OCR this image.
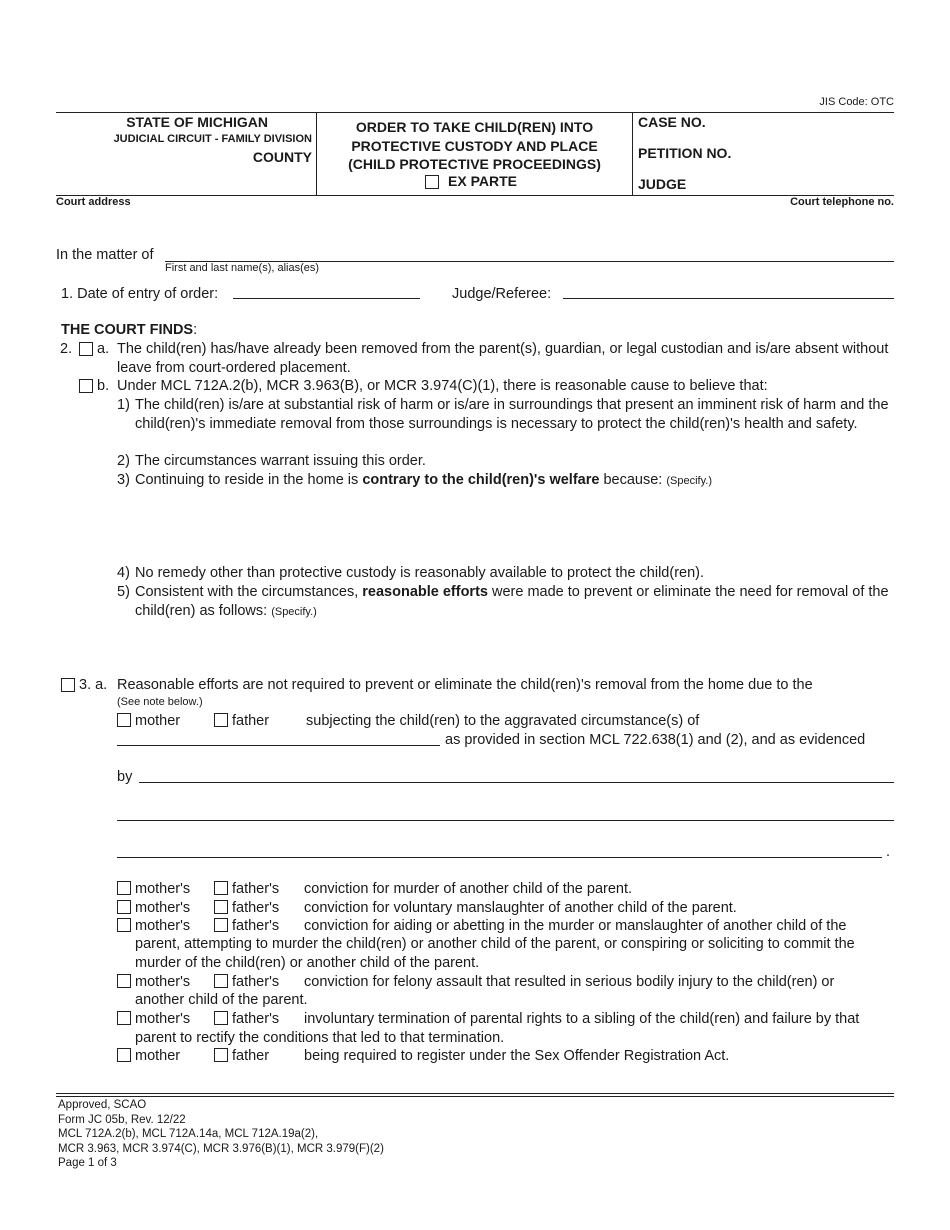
JIS Code: OTC
STATE OF MICHIGAN
JUDICIAL CIRCUIT - FAMILY DIVISION
COUNTY
ORDER TO TAKE CHILD(REN) INTO
PROTECTIVE CUSTODY AND PLACE
(CHILD PROTECTIVE PROCEEDINGS)
EX PARTE
CASE NO.
PETITION NO.
JUDGE
Court address	Court telephone no.
In the matter of
First and last name(s), alias(es)
1. Date of entry of order:	Judge/Referee:
THE COURT FINDS:
2. a. The child(ren) has/have already been removed from the parent(s), guardian, or legal custodian and is/are absent without leave from court-ordered placement.
b. Under MCL 712A.2(b), MCR 3.963(B), or MCR 3.974(C)(1), there is reasonable cause to believe that:
1) The child(ren) is/are at substantial risk of harm or is/are in surroundings that present an imminent risk of harm and the child(ren)'s immediate removal from those surroundings is necessary to protect the child(ren)'s health and safety.
2) The circumstances warrant issuing this order.
3) Continuing to reside in the home is contrary to the child(ren)'s welfare because: (Specify.)
4) No remedy other than protective custody is reasonably available to protect the child(ren).
5) Consistent with the circumstances, reasonable efforts were made to prevent or eliminate the need for removal of the child(ren) as follows: (Specify.)
3. a. Reasonable efforts are not required to prevent or eliminate the child(ren)'s removal from the home due to the
(See note below.)
mother	father	subjecting the child(ren) to the aggravated circumstance(s) of
as provided in section MCL 722.638(1) and (2), and as evidenced
by
.
mother's	father's conviction for murder of another child of the parent.
mother's	father's conviction for voluntary manslaughter of another child of the parent.
mother's	father's conviction for aiding or abetting in the murder or manslaughter of another child of the
parent, attempting to murder the child(ren) or another child of the parent, or conspiring or soliciting to commit the murder of the child(ren) or another child of the parent.
mother's	father's conviction for felony assault that resulted in serious bodily injury to the child(ren) or
another child of the parent.
mother's	father's involuntary termination of parental rights to a sibling of the child(ren) and failure by that
parent to rectify the conditions that led to that termination.
mother	father being required to register under the Sex Offender Registration Act.
Approved, SCAO
Form JC 05b, Rev. 12/22
MCL 712A.2(b), MCL 712A.14a, MCL 712A.19a(2),
MCR 3.963, MCR 3.974(C), MCR 3.976(B)(1), MCR 3.979(F)(2)
Page 1 of 3
